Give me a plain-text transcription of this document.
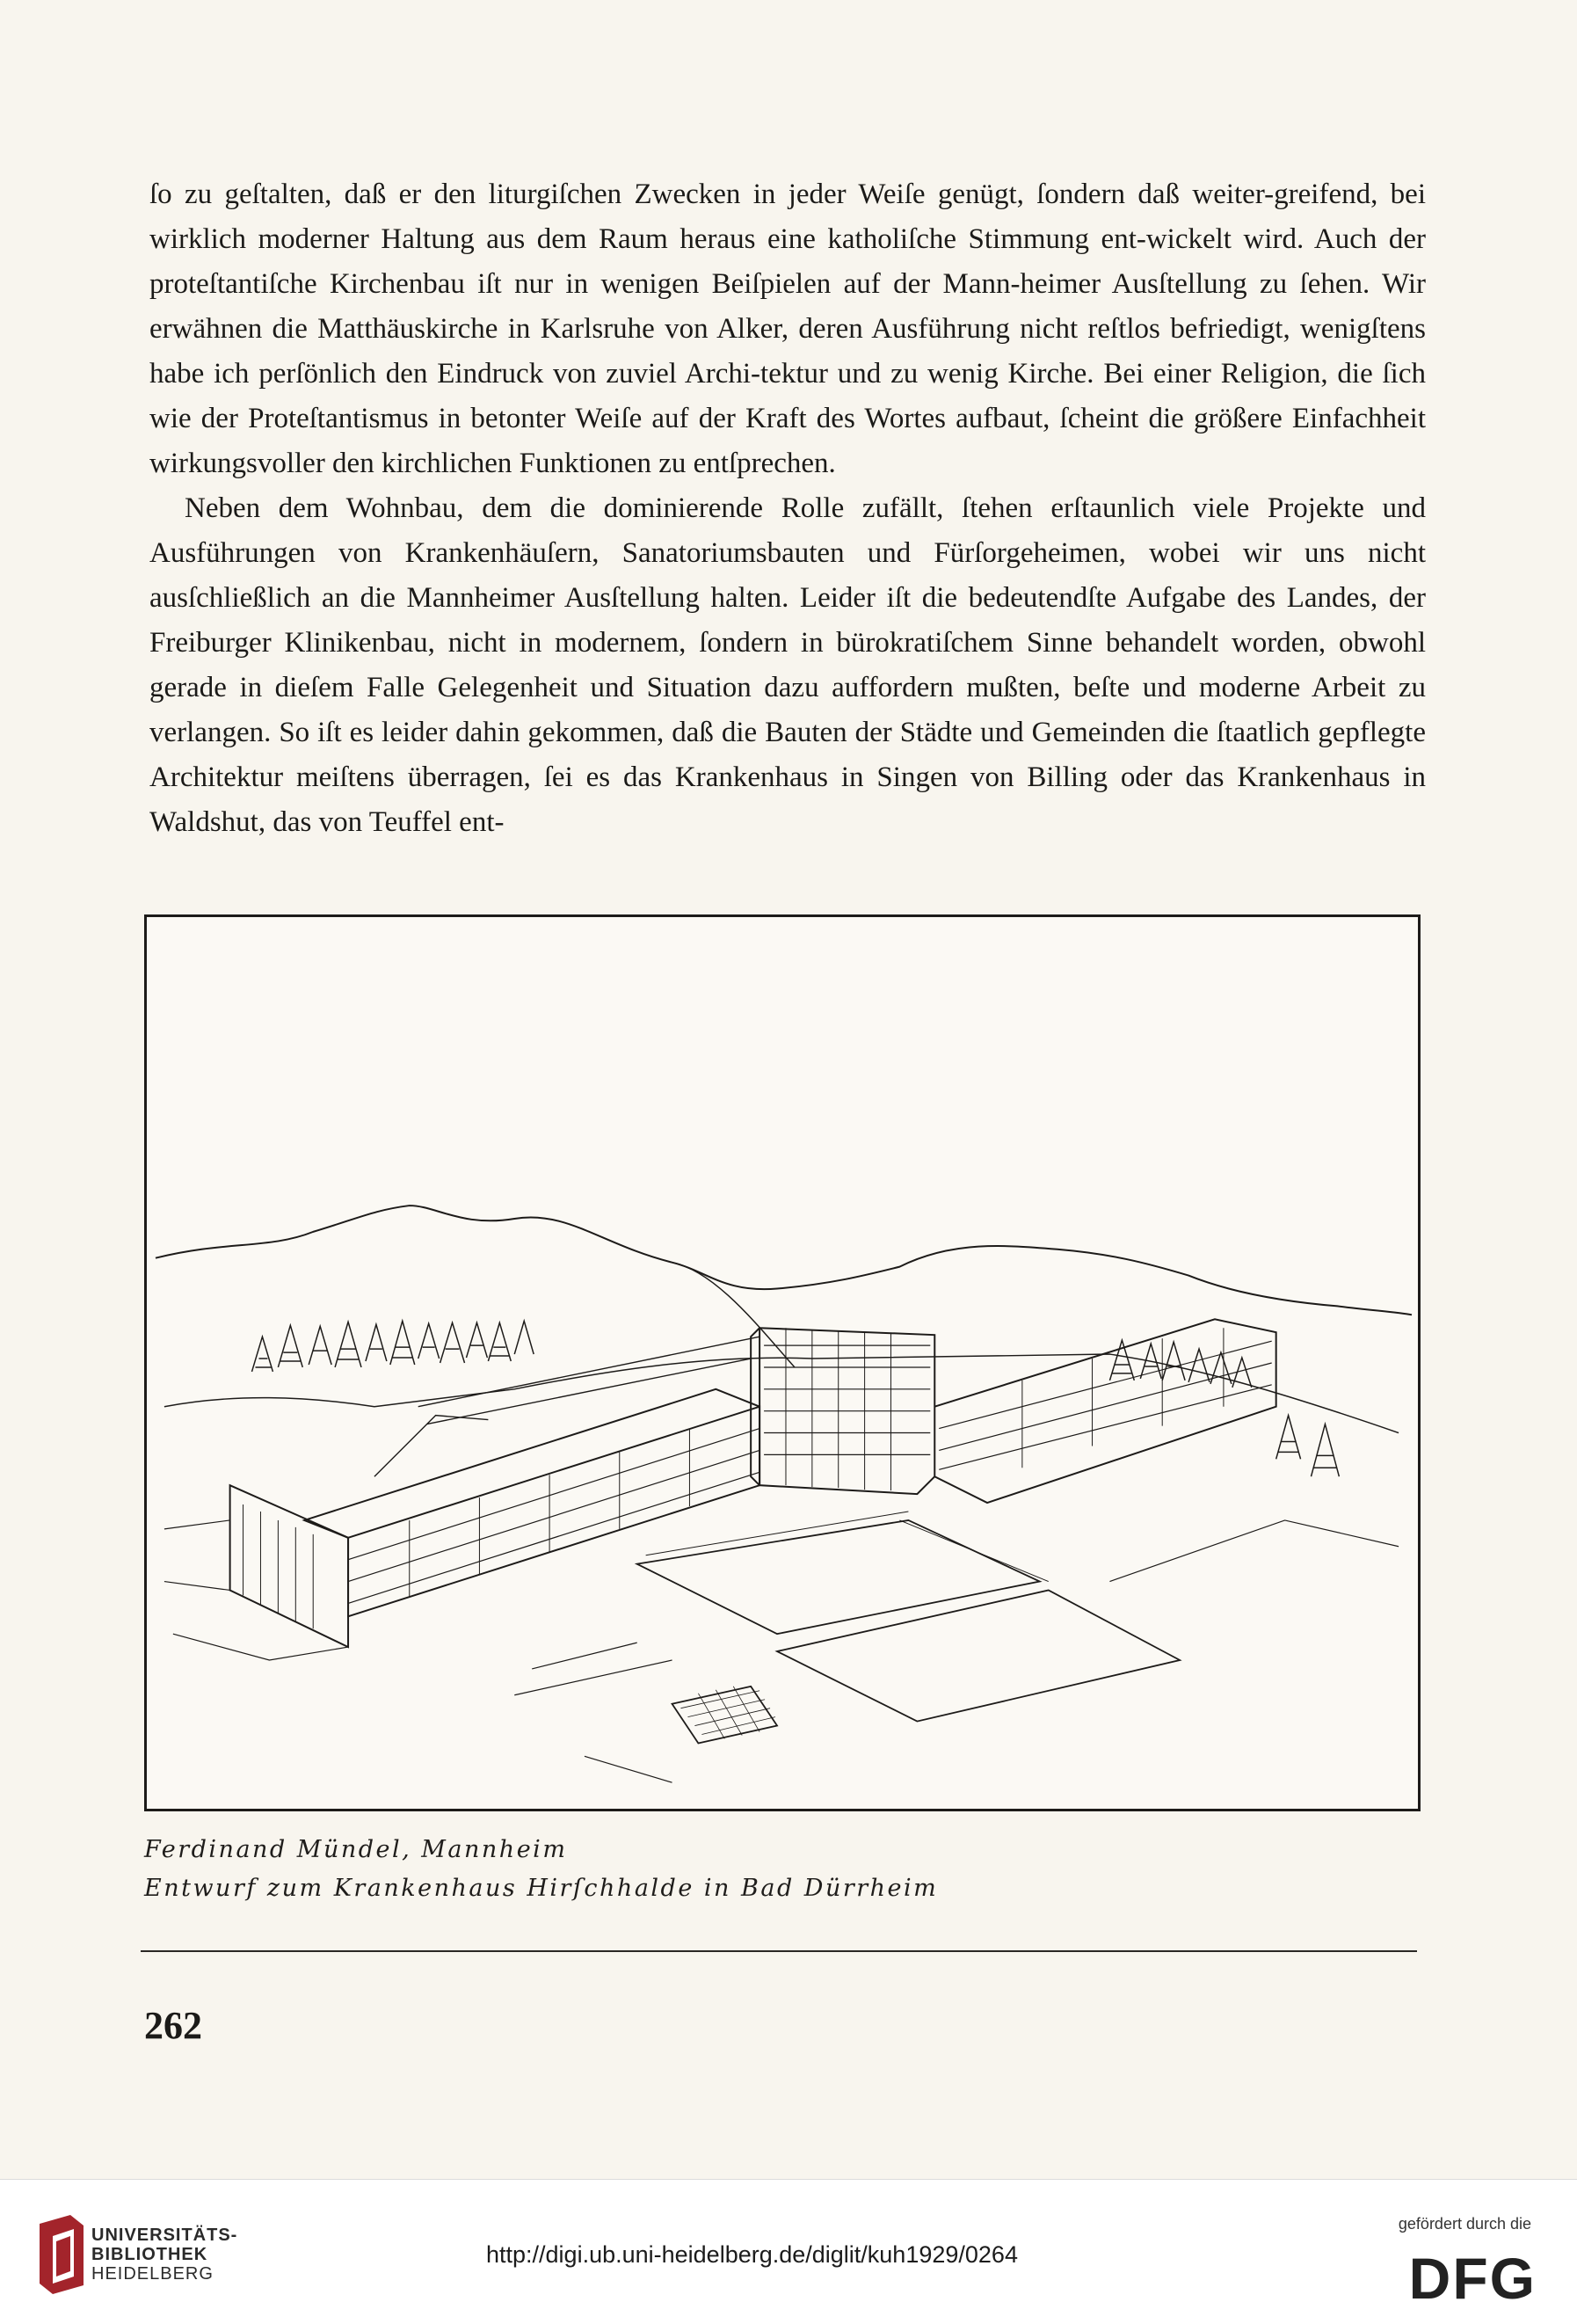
ſo zu geſtalten, daß er den liturgiſchen Zwecken in jeder Weiſe genügt, ſondern daß weiter-greifend, bei wirklich moderner Haltung aus dem Raum heraus eine katholiſche Stimmung ent-wickelt wird. Auch der proteſtantiſche Kirchenbau iſt nur in wenigen Beiſpielen auf der Mann-heimer Ausſtellung zu ſehen. Wir erwähnen die Matthäuskirche in Karlsruhe von Alker, deren Ausführung nicht reſtlos befriedigt, wenigſtens habe ich perſönlich den Eindruck von zuviel Archi-tektur und zu wenig Kirche. Bei einer Religion, die ſich wie der Proteſtantismus in betonter Weiſe auf der Kraft des Wortes aufbaut, ſcheint die größere Einfachheit wirkungsvoller den kirchlichen Funktionen zu entſprechen.

Neben dem Wohnbau, dem die dominierende Rolle zufällt, ſtehen erſtaunlich viele Projekte und Ausführungen von Krankenhäuſern, Sanatoriumsbauten und Fürſorgeheimen, wobei wir uns nicht ausſchließlich an die Mannheimer Ausſtellung halten. Leider iſt die bedeutendſte Aufgabe des Landes, der Freiburger Klinikenbau, nicht in modernem, ſondern in bürokratiſchem Sinne behandelt worden, obwohl gerade in dieſem Falle Gelegenheit und Situation dazu auffordern mußten, beſte und moderne Arbeit zu verlangen. So iſt es leider dahin gekommen, daß die Bauten der Städte und Gemeinden die ſtaatlich gepflegte Architektur meiſtens überragen, ſei es das Krankenhaus in Singen von Billing oder das Krankenhaus in Waldshut, das von Teuffel ent-

Ferdinand Mündel, Mannheim
Entwurf zum Krankenhaus Hirſchhalde in Bad Dürrheim
262
UNIVERSITÄTS-
BIBLIOTHEK
HEIDELBERG
http://digi.ub.uni-heidelberg.de/diglit/kuh1929/0264
gefördert durch die
DFG
